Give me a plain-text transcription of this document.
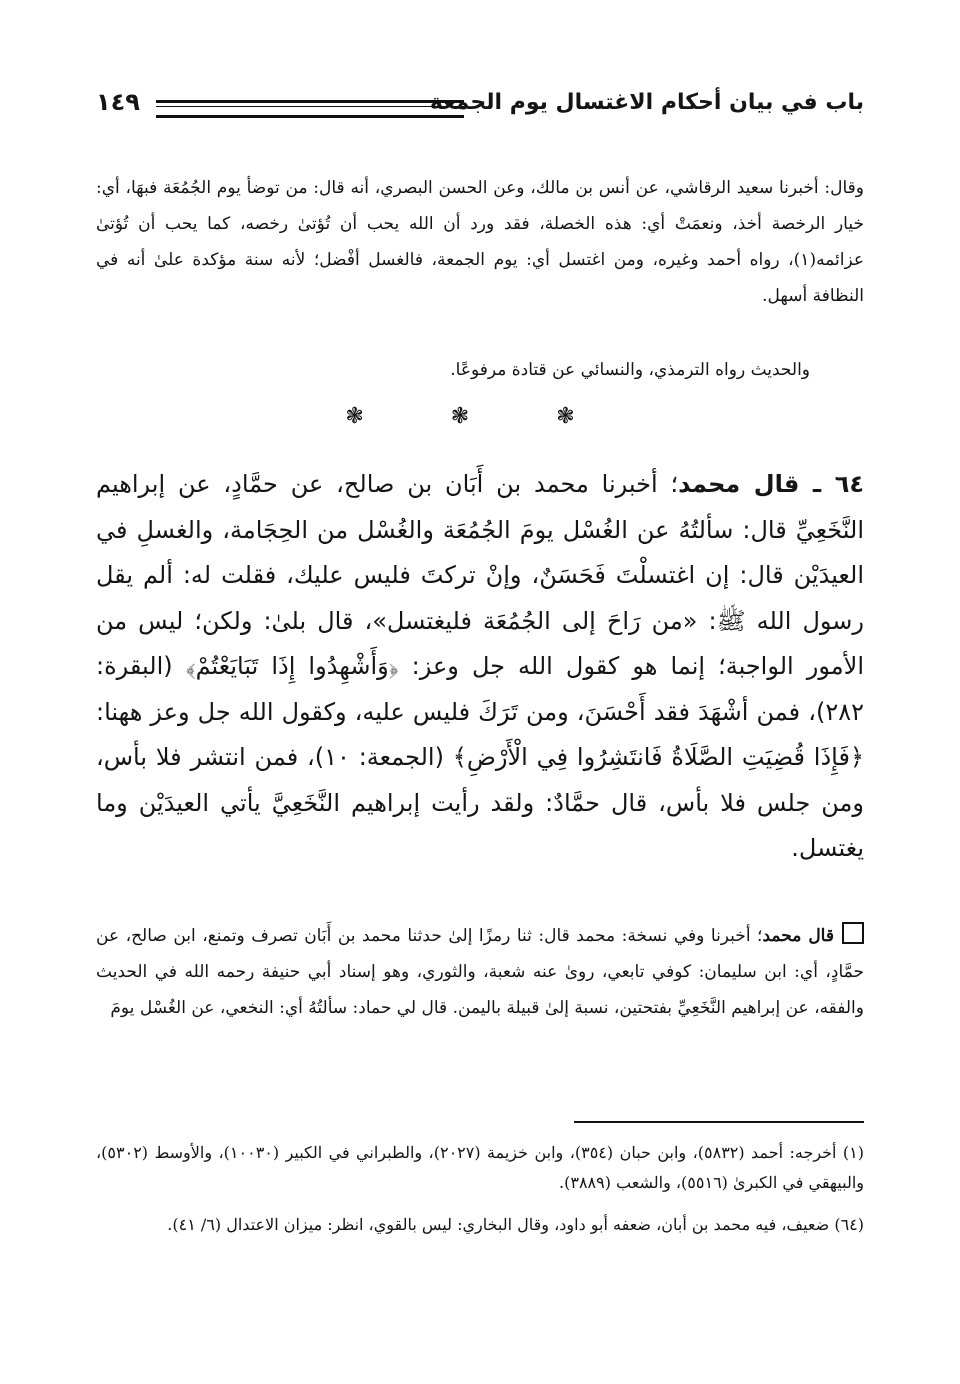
باب في بيان أحكام الاغتسال يوم الجمعة
١٤٩

وقال: أخبرنا سعيد الرقاشي، عن أنس بن مالك، وعن الحسن البصري، أنه قال: من توضأ يوم الجُمُعَة فبهَا، أي: خيار الرخصة أخذ، ونعمَتْ أي: هذه الخصلة، فقد ورد أن الله يحب أن تُؤتىٰ رخصه، كما يحب أن تُؤتىٰ عزائمه(١)، رواه أحمد وغيره، ومن اغتسل أي: يوم الجمعة، فالغسل أفْضل؛ لأنه سنة مؤكدة علىٰ أنه في النظافة أسهل.

والحديث رواه الترمذي، والنسائي عن قتادة مرفوعًا.

❃ ❃ ❃

٦٤ ـ قال محمد؛ أخبرنا محمد بن أَبَان بن صالح، عن حمَّادٍ، عن إبراهيم النَّخَعِيِّ قال: سألتُهُ عن الغُسْل يومَ الجُمُعَة والغُسْل من الحِجَامة، والغسلِ في العيدَيْن قال: إن اغتسلْتَ فَحَسَنٌ، وإنْ تركتَ فليس عليك، فقلت له: ألم يقل رسول الله ﷺ: «من رَاحَ إلى الجُمُعَة فليغتسل»، قال بلىٰ: ولكن؛ ليس من الأمور الواجبة؛ إنما هو كقول الله جل وعز: ﴿وَأَشْهِدُوا إِذَا تَبَايَعْتُمْ﴾ (البقرة: ٢٨٢)، فمن أشْهَدَ فقد أَحْسَنَ، ومن تَرَكَ فليس عليه، وكقول الله جل وعز ههنا: ﴿فَإِذَا قُضِيَتِ الصَّلَاةُ فَانتَشِرُوا فِي الْأَرْضِ﴾ (الجمعة: ١٠)، فمن انتشر فلا بأس، ومن جلس فلا بأس، قال حمَّادٌ: ولقد رأيت إبراهيم النَّخَعِيَّ يأتي العيدَيْن وما يغتسل.

قال محمد؛ أخبرنا وفي نسخة: محمد قال: ثنا رمزًا إلىٰ حدثنا محمد بن أَبَان تصرف وتمنع، ابن صالح، عن حمَّادٍ، أي: ابن سليمان: كوفي تابعي، روىٰ عنه شعبة، والثوري، وهو إسناد أبي حنيفة رحمه الله في الحديث والفقه، عن إبراهيم النَّخَعِيِّ بفتحتين، نسبة إلىٰ قبيلة باليمن. قال لي حماد: سألتُهُ أي: النخعي، عن الغُسْل يومَ

(١) أخرجه: أحمد (٥٨٣٢)، وابن حبان (٣٥٤)، وابن خزيمة (٢٠٢٧)، والطبراني في الكبير (١٠٠٣٠)، والأوسط (٥٣٠٢)، والبيهقي في الكبرىٰ (٥٥١٦)، والشعب (٣٨٨٩).

(٦٤) ضعيف، فيه محمد بن أبان، ضعفه أبو داود، وقال البخاري: ليس بالقوي، انظر: ميزان الاعتدال (٦/ ٤١).
